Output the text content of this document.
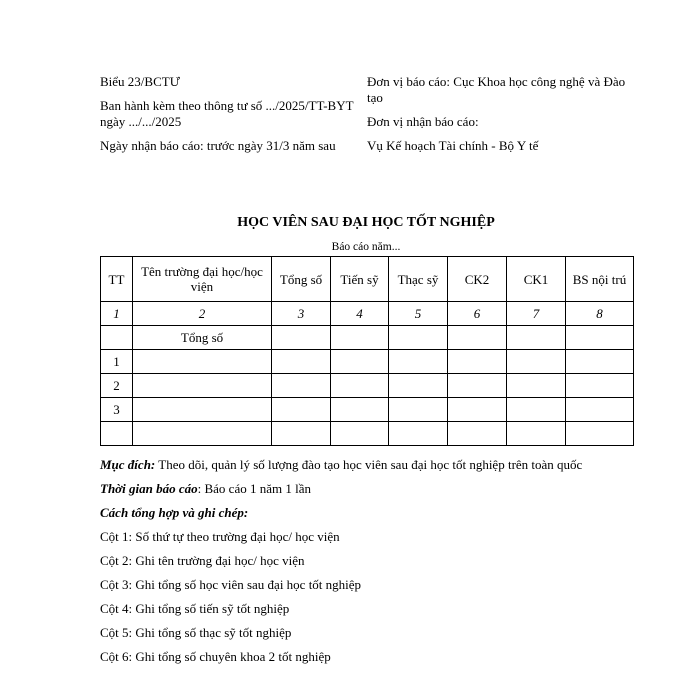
Biểu 23/BCTƯ
Ban hành kèm theo thông tư số .../2025/TT-BYT ngày .../.../2025
Ngày nhận báo cáo: trước ngày 31/3 năm sau
Đơn vị báo cáo: Cục Khoa học công nghệ và Đào tạo
Đơn vị nhận báo cáo:
Vụ Kế hoạch Tài chính - Bộ Y tế
HỌC VIÊN SAU ĐẠI HỌC TỐT NGHIỆP
Báo cáo năm...
TT	Tên trường đại học/học viện	Tổng số	Tiến sỹ	Thạc sỹ	CK2	CK1	BS nội trú
1	2	3	4	5	6	7	8
	Tổng số						
1							
2							
3							

Mục đích: Theo dõi, quản lý số lượng đào tạo học viên sau đại học tốt nghiệp trên toàn quốc

Thời gian báo cáo: Báo cáo 1 năm 1 lần

Cách tổng hợp và ghi chép:

Cột 1: Số thứ tự theo trường đại học/ học viện

Cột 2: Ghi tên trường đại học/ học viện

Cột 3: Ghi tổng số học viên sau đại học tốt nghiệp

Cột 4: Ghi tổng số tiến sỹ tốt nghiệp

Cột 5: Ghi tổng số thạc sỹ tốt nghiệp

Cột 6: Ghi tổng số chuyên khoa 2 tốt nghiệp
